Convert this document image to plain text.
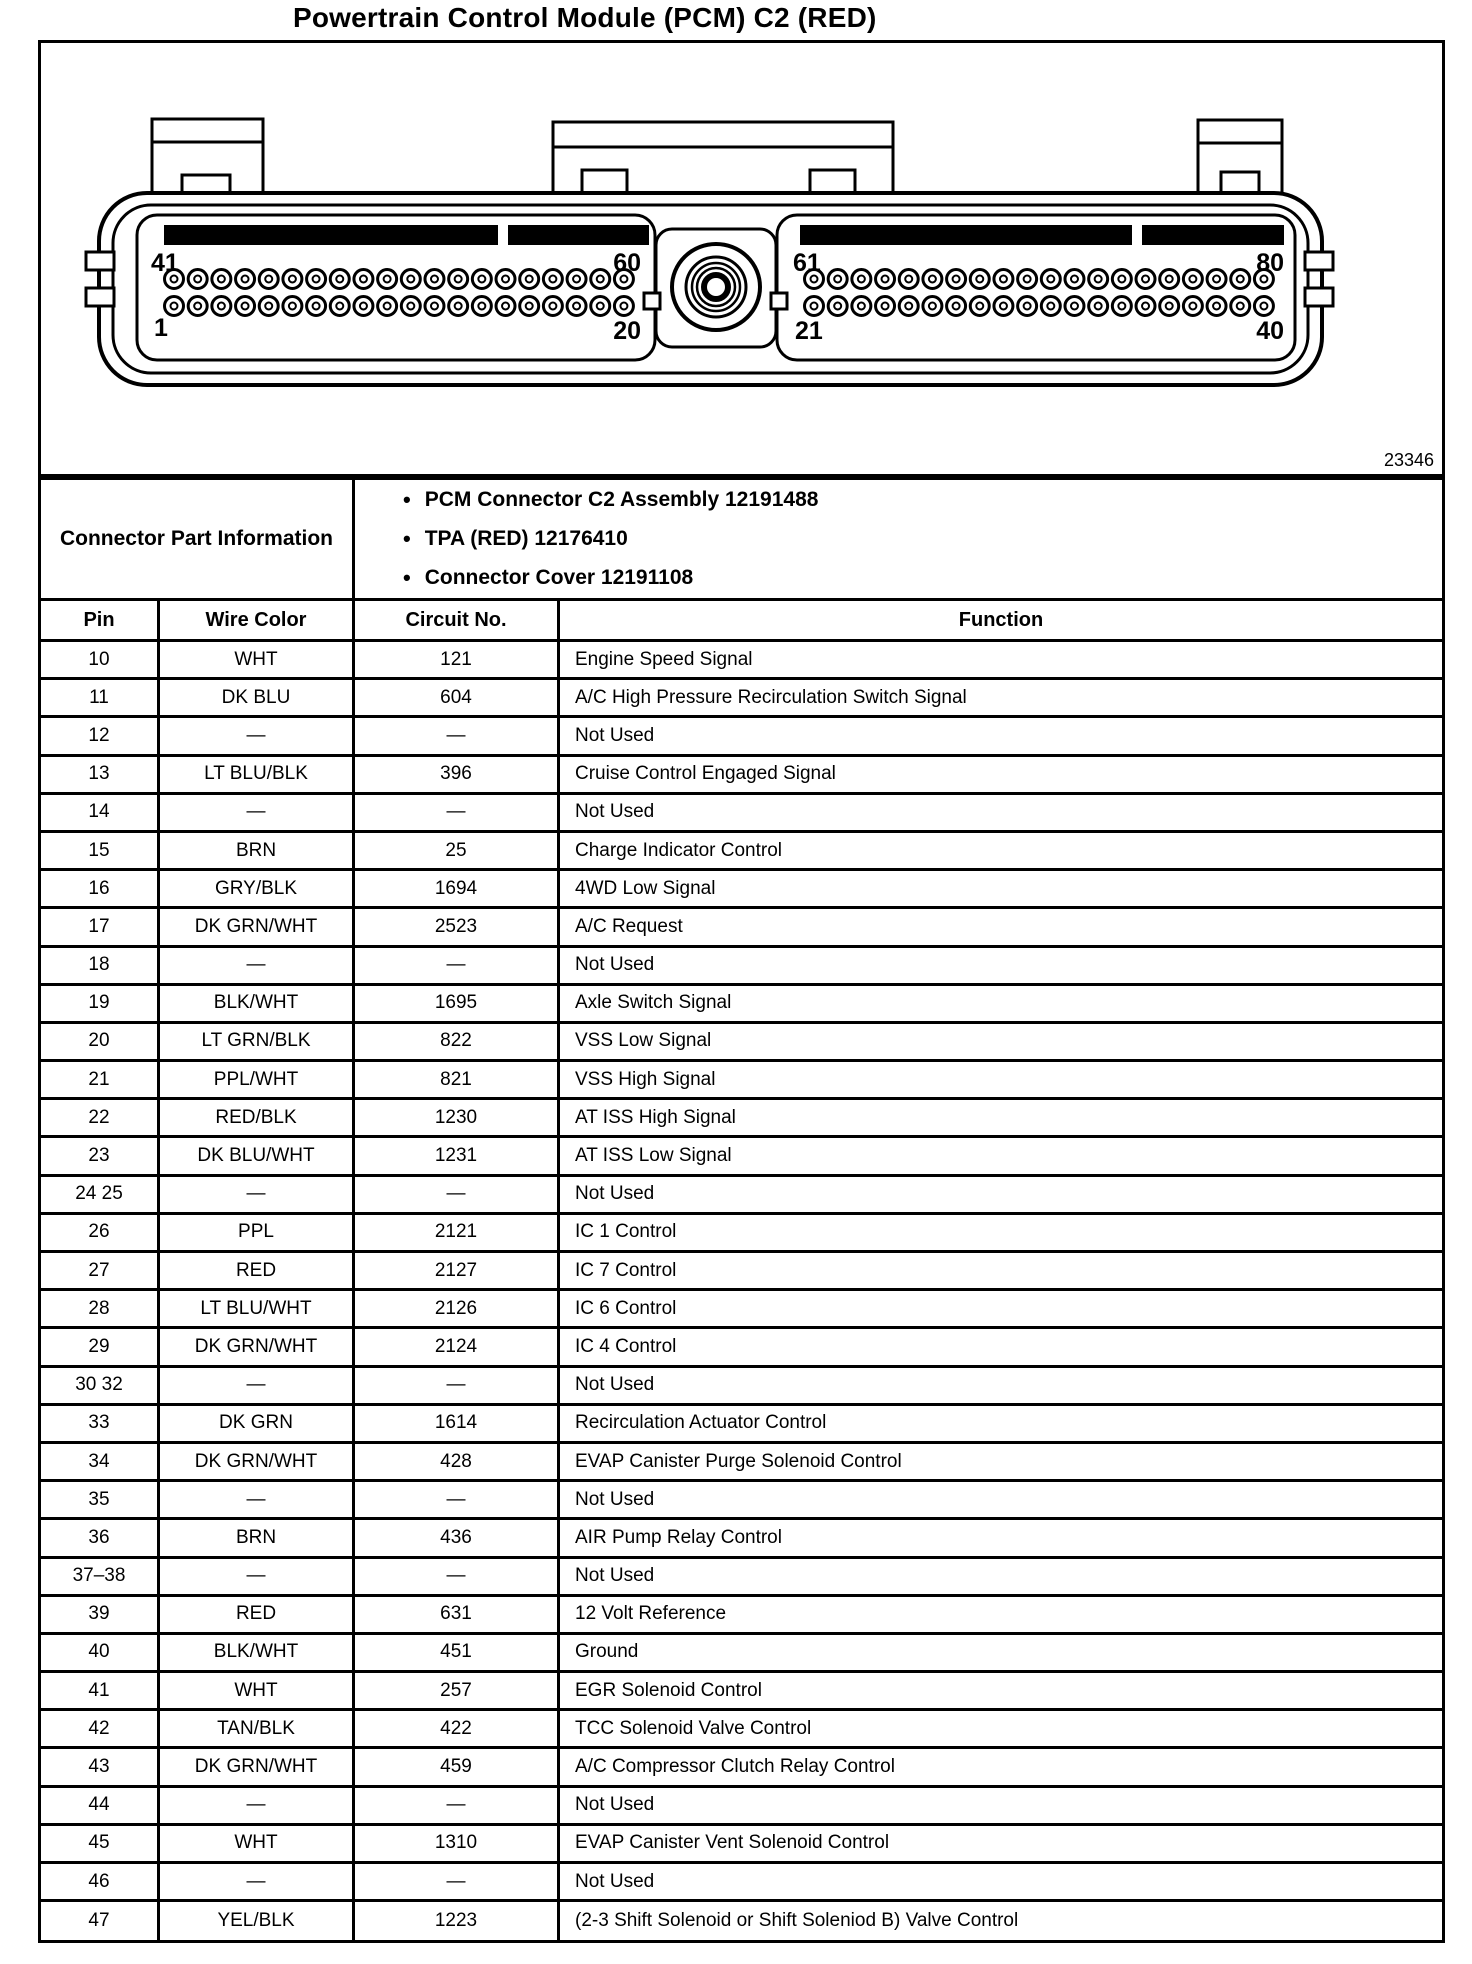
Powertrain Control Module (PCM) C2 (RED)
41	60
1	20
61	80
21	40
23346
Connector Part Information
• PCM Connector C2 Assembly 12191488
• TPA (RED) 12176410
• Connector Cover 12191108
Pin	Wire Color	Circuit No.	Function
10	WHT	121	Engine Speed Signal
11	DK BLU	604	A/C High Pressure Recirculation Switch Signal
12	—	—	Not Used
13	LT BLU/BLK	396	Cruise Control Engaged Signal
14	—	—	Not Used
15	BRN	25	Charge Indicator Control
16	GRY/BLK	1694	4WD Low Signal
17	DK GRN/WHT	2523	A/C Request
18	—	—	Not Used
19	BLK/WHT	1695	Axle Switch Signal
20	LT GRN/BLK	822	VSS Low Signal
21	PPL/WHT	821	VSS High Signal
22	RED/BLK	1230	AT ISS High Signal
23	DK BLU/WHT	1231	AT ISS Low Signal
24 25	—	—	Not Used
26	PPL	2121	IC 1 Control
27	RED	2127	IC 7 Control
28	LT BLU/WHT	2126	IC 6 Control
29	DK GRN/WHT	2124	IC 4 Control
30 32	—	—	Not Used
33	DK GRN	1614	Recirculation Actuator Control
34	DK GRN/WHT	428	EVAP Canister Purge Solenoid Control
35	—	—	Not Used
36	BRN	436	AIR Pump Relay Control
37–38	—	—	Not Used
39	RED	631	12 Volt Reference
40	BLK/WHT	451	Ground
41	WHT	257	EGR Solenoid Control
42	TAN/BLK	422	TCC Solenoid Valve Control
43	DK GRN/WHT	459	A/C Compressor Clutch Relay Control
44	—	—	Not Used
45	WHT	1310	EVAP Canister Vent Solenoid Control
46	—	—	Not Used
47	YEL/BLK	1223	(2-3 Shift Solenoid or Shift Soleniod B) Valve Control
